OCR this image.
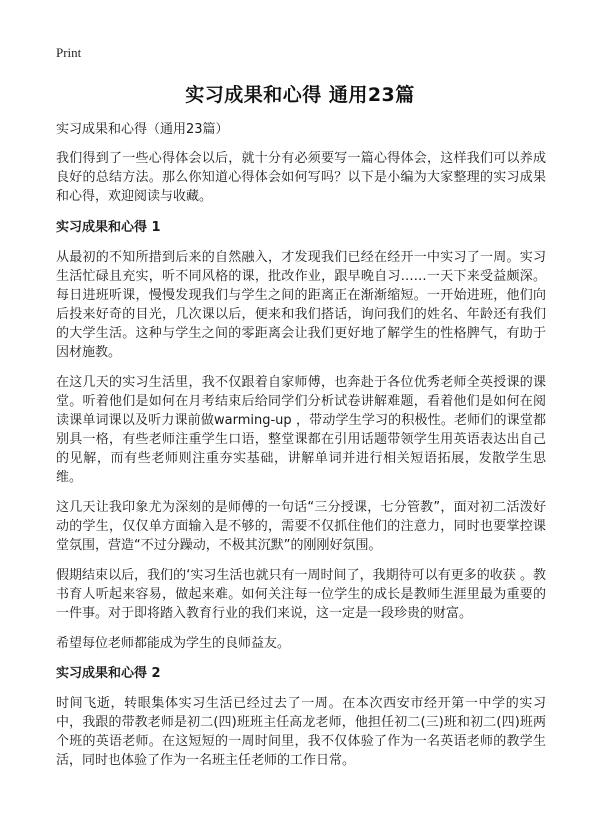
Print
实习成果和心得 通用23篇
实习成果和心得（通用23篇）

我们得到了一些心得体会以后，就十分有必须要写一篇心得体会，这样我们可以养成良好的总结方法。那么你知道心得体会如何写吗？以下是小编为大家整理的实习成果和心得，欢迎阅读与收藏。

实习成果和心得 1

从最初的不知所措到后来的自然融入，才发现我们已经在经开一中实习了一周。实习生活忙碌且充实，听不同风格的课，批改作业，跟早晚自习……一天下来受益颇深。每日进班听课，慢慢发现我们与学生之间的距离正在渐渐缩短。一开始进班，他们向后投来好奇的目光，几次课以后，便来和我们搭话，询问我们的姓名、年龄还有我们的大学生活。这种与学生之间的零距离会让我们更好地了解学生的性格脾气，有助于因材施教。

在这几天的实习生活里，我不仅跟着自家师傅，也奔赴于各位优秀老师全英授课的课堂。听着他们是如何在月考结束后给同学们分析试卷讲解难题，看着他们是如何在阅读课单词课以及听力课前做warming-up ，带动学生学习的积极性。老师们的课堂都别具一格，有些老师注重学生口语，整堂课都在引用话题带领学生用英语表达出自己的见解，而有些老师则注重夯实基础，讲解单词并进行相关短语拓展，发散学生思维。

这几天让我印象尤为深刻的是师傅的一句话“三分授课，七分管教”，面对初二活泼好动的学生，仅仅单方面输入是不够的，需要不仅抓住他们的注意力，同时也要掌控课堂氛围，营造“不过分躁动，不极其沉默”的刚刚好氛围。

假期结束以后，我们的‘实习生活也就只有一周时间了，我期待可以有更多的收获 。教书育人听起来容易，做起来难。如何关注每一位学生的成长是教师生涯里最为重要的一件事。对于即将踏入教育行业的我们来说，这一定是一段珍贵的财富。

希望每位老师都能成为学生的良师益友。

实习成果和心得 2

时间飞逝，转眼集体实习生活已经过去了一周。在本次西安市经开第一中学的实习中，我跟的带教老师是初二(四)班班主任高龙老师，他担任初二(三)班和初二(四)班两个班的英语老师。在这短短的一周时间里，我不仅体验了作为一名英语老师的教学生活，同时也体验了作为一名班主任老师的工作日常。
